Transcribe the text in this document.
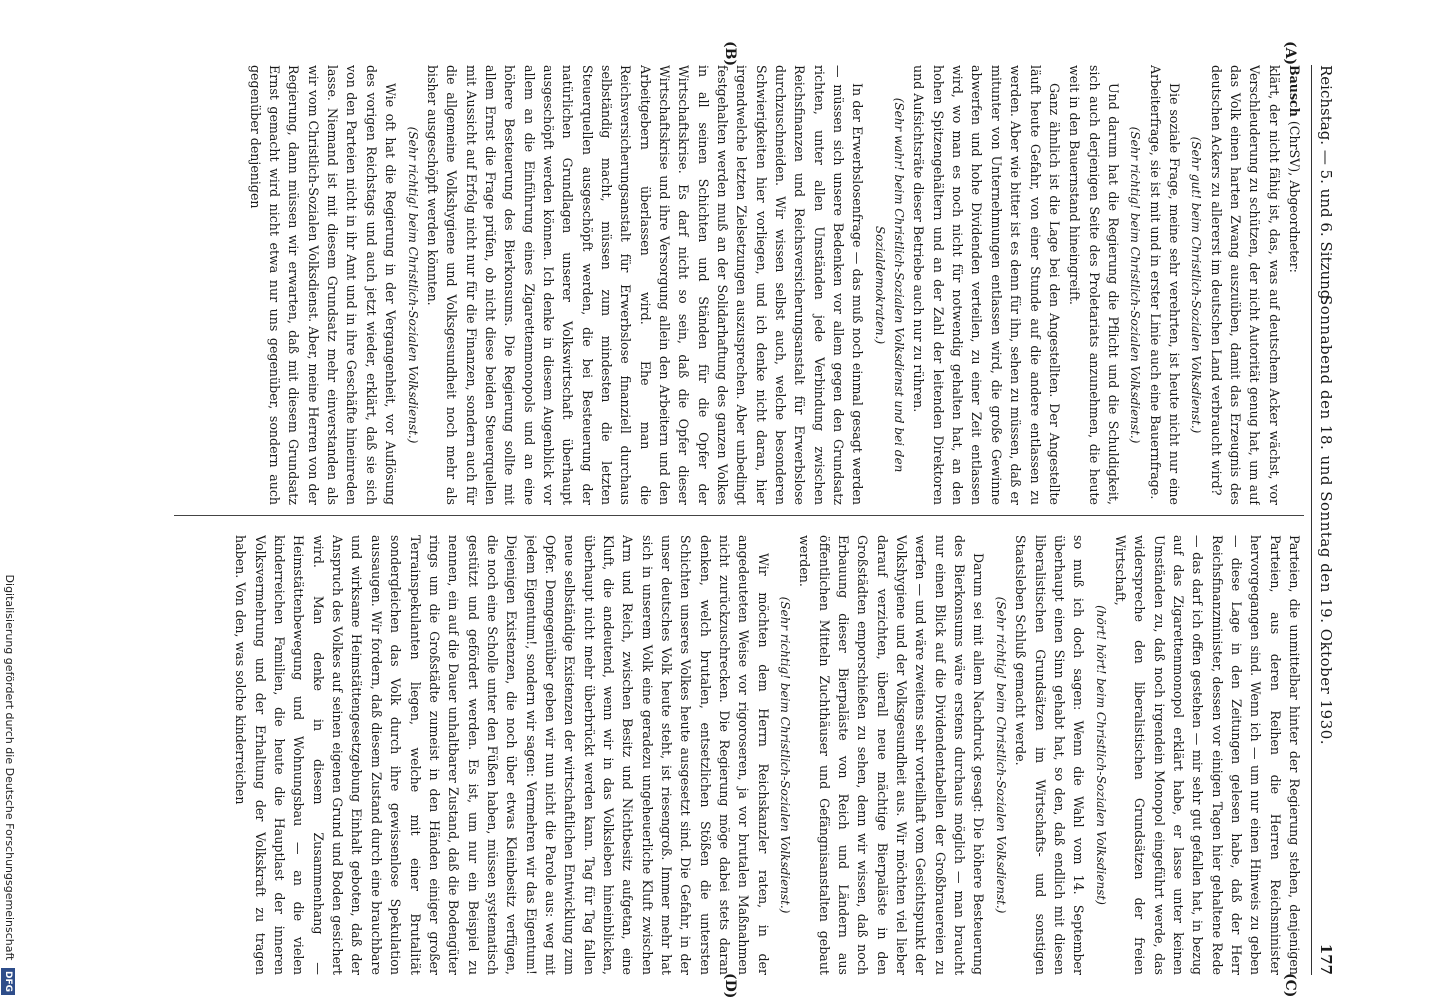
Reichstag. — 5. und 6. Sitzung.
Sonnabend den 18. und Sonntag den 19. Oktober 1930.
177
(A)
(B)
(C)
(D)

Bausch (ChrSV), Abgeordneter:

klärt, der nicht fähig ist, das, was auf deutschem Acker wächst, vor Verschleuderung zu schützen, der nicht Autorität genug hat, um auf das Volk einen harten Zwang auszuüben, damit das Erzeugnis des deutschen Ackers zu allererst im deutschen Land verbraucht wird?

(Sehr gut! beim Christlich-Sozialen Volksdienst.)

Die soziale Frage, meine sehr verehrten, ist heute nicht nur eine Arbeiterfrage, sie ist mit und in erster Linie auch eine Bauernfrage.

(Sehr richtig! beim Christlich-Sozialen Volksdienst.)

Und darum hat die Regierung die Pflicht und die Schuldigkeit, sich auch derjenigen Seite des Proletariats anzunehmen, die heute weit in den Bauernstand hineingreift.

Ganz ähnlich ist die Lage bei den Angestellten. Der Angestellte läuft heute Gefahr, von einer Stunde auf die andere entlassen zu werden. Aber wie bitter ist es denn für ihn, sehen zu müssen, daß er mitunter von Unternehmungen entlassen wird, die große Gewinne abwerfen und hohe Dividenden verteilen, zu einer Zeit entlassen wird, wo man es noch nicht für notwendig gehalten hat, an den hohen Spitzengehältern und an der Zahl der leitenden Direktoren und Aufsichtsräte dieser Betriebe auch nur zu rühren.

(Sehr wahr! beim Christlich-Sozialen Volksdienst und bei den Sozialdemokraten.)

In der Erwerbslosenfrage — das muß noch einmal gesagt werden — müssen sich unsere Bedenken vor allem gegen den Grundsatz richten, unter allen Umständen jede Verbindung zwischen Reichsfinanzen und Reichsversicherungsanstalt für Erwerbslose durchzuschneiden. Wir wissen selbst auch, welche besonderen Schwierigkeiten hier vorliegen, und ich denke nicht daran, hier irgendwelche letzten Zielsetzungen auszusprechen. Aber unbedingt festgehalten werden muß an der Solidarhaftung des ganzen Volkes in all seinen Schichten und Ständen für die Opfer der Wirtschaftskrise. Es darf nicht so sein, daß die Opfer dieser Wirtschaftskrise und ihre Versorgung allein den Arbeitern und den Arbeitgebern überlassen wird. Ehe man die Reichsversicherungsanstalt für Erwerbslose finanziell durchaus selbständig macht, müssen zum mindesten die letzten Steuerquellen ausgeschöpft werden, die bei Besteuerung der natürlichen Grundlagen unserer Volkswirtschaft überhaupt ausgeschöpft werden können. Ich denke in diesem Augenblick vor allem an die Einführung eines Zigarettenmonopols und an eine höhere Besteuerung des Bierkonsums. Die Regierung sollte mit allem Ernst die Frage prüfen, ob nicht diese beiden Steuerquellen mit Aussicht auf Erfolg nicht nur für die Finanzen, sondern auch für die allgemeine Volkshygiene und Volksgesundheit noch mehr als bisher ausgeschöpft werden könnten.

(Sehr richtig! beim Christlich-Sozialen Volksdienst.)

Wie oft hat die Regierung in der Vergangenheit, vor Auflösung des vorigen Reichstags und auch jetzt wieder, erklärt, daß sie sich von den Parteien nicht in ihr Amt und in ihre Geschäfte hineinreden lasse. Niemand ist mit diesem Grundsatz mehr einverstanden als wir vom Christlich-Sozialen Volksdienst. Aber, meine Herren von der Regierung, dann müssen wir erwarten, daß mit diesem Grundsatz Ernst gemacht wird nicht etwa nur uns gegenüber, sondern auch gegenüber denjenigen

Parteien, die unmittelbar hinter der Regierung stehen, denjenigen Parteien, aus deren Reihen die Herren Reichsminister hervorgegangen sind. Wenn ich — um nur einen Hinweis zu geben — diese Lage in den Zeitungen gelesen habe, daß der Herr Reichsfinanzminister, dessen vor einigen Tagen hier gehaltene Rede — das darf ich offen gestehen — mir sehr gut gefallen hat, in bezug auf das Zigarettenmonopol erklärt habe, er lasse unter keinen Umständen zu, daß noch irgendein Monopol eingeführt werde, das widerspreche den liberalistischen Grundsätzen der freien Wirtschaft,

(hört! hört! beim Christlich-Sozialen Volksdienst)

so muß ich doch sagen: Wenn die Wahl vom 14. September überhaupt einen Sinn gehabt hat, so den, daß endlich mit diesen liberalistischen Grundsätzen im Wirtschafts- und sonstigen Staatsleben Schluß gemacht werde.

(Sehr richtig! beim Christlich-Sozialen Volksdienst.)

Darum sei mit allem Nachdruck gesagt: Die höhere Besteuerung des Bierkonsums wäre erstens durchaus möglich — man braucht nur einen Blick auf die Dividendentabellen der Großbrauereien zu werfen — und wäre zweitens sehr vorteilhaft vom Gesichtspunkt der Volkshygiene und der Volksgesundheit aus. Wir möchten viel lieber darauf verzichten, überall neue mächtige Bierpaläste in den Großstädten emporschießen zu sehen, denn wir wissen, daß noch Erbauung dieser Bierpaläste von Reich und Ländern aus öffentlichen Mitteln Zuchthäuser und Gefängnisanstalten gebaut werden.

(Sehr richtig! beim Christlich-Sozialen Volksdienst.)

Wir möchten dem Herrn Reichskanzler raten, in der angedeuteten Weise vor rigoroseren, ja vor brutalen Maßnahmen nicht zurückzuschrecken. Die Regierung möge dabei stets daran denken, welch brutalen, entsetzlichen Stößen die untersten Schichten unseres Volkes heute ausgesetzt sind. Die Gefahr, in der unser deutsches Volk heute steht, ist riesengroß. Immer mehr hat sich in unserem Volk eine geradezu ungeheuerliche Kluft zwischen Arm und Reich, zwischen Besitz und Nichtbesitz aufgetan, eine Kluft, die andeutend, wenn wir in das Volksleben hineinblicken, überhaupt nicht mehr überbrückt werden kann. Tag für Tag fallen neue selbständige Existenzen der wirtschaftlichen Entwicklung zum Opfer. Demgegenüber geben wir nun nicht die Parole aus: weg mit jedem Eigentum!, sondern wir sagen: Vermehren wir das Eigentum! Diejenigen Existenzen, die noch über etwas Kleinbesitz verfügen, die noch eine Scholle unter den Füßen haben, müssen systematisch gestützt und gefördert werden. Es ist, um nur ein Beispiel zu nennen, ein auf die Dauer unhaltbarer Zustand, daß die Bodengüter rings um die Großstädte zumeist in den Händen einiger großer Terrainspekulanten liegen, welche mit einer Brutalität sondergleichen das Volk durch ihre gewissenlose Spekulation aussaugen. Wir fordern, daß diesem Zustand durch eine brauchbare und wirksame Heimstättengesetzgebung Einhalt geboten, daß der Anspruch des Volkes auf seinen eigenen Grund und Boden gesichert wird. Man denke in diesem Zusammenhang — Heimstättenbewegung und Wohnungsbau — an die vielen kinderreichen Familien, die heute die Hauptlast der inneren Volksvermehrung und der Erhaltung der Volkskraft zu tragen haben. Von den, was solche kinderreichen

Digitalisierung gefördert durch die Deutsche Forschungsgemeinschaft DFG
